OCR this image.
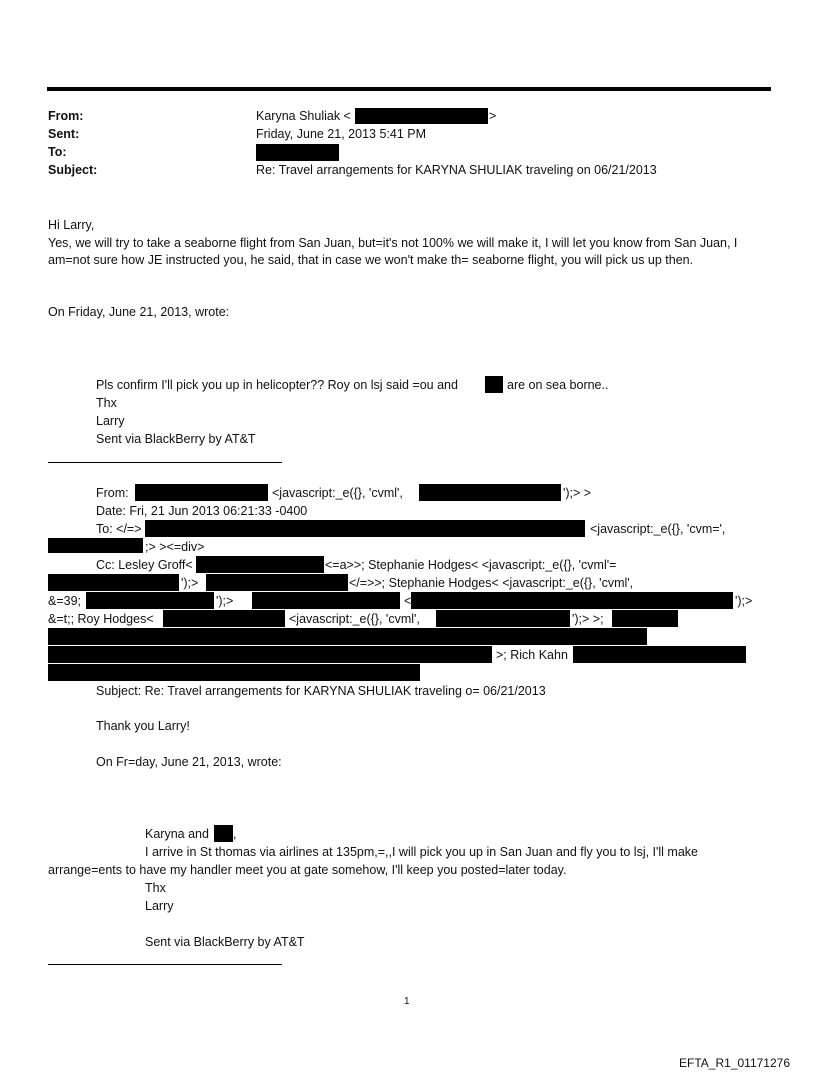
From:	Karyna Shuliak <	>
Sent:	Friday, June 21, 2013 5:41 PM
To:
Subject:	Re: Travel arrangements for KARYNA SHULIAK traveling on 06/21/2013
Hi Larry,
Yes, we will try to take a seaborne flight from San Juan, but=it's not 100% we will make it, I will let you know from San Juan, I am=not sure how JE instructed you, he said, that in case we won't make th= seaborne flight, you will pick us up then.
On Friday, June 21, 2013, wrote:
Pls confirm I'll pick you up in helicopter?? Roy on lsj said =ou and	are on sea borne..
Thx
Larry
Sent via BlackBerry by AT&T
From:	<javascript:_e({}, 'cvml',	');> >
Date: Fri, 21 Jun 2013 06:21:33 -0400
To: </=>	<javascript:_e({}, 'cvm=',
;> ><=div>
Cc: Lesley Groff<	<=a>>; Stephanie Hodges< <javascript:_e({}, 'cvml'=
');>	</=>>; Stephanie Hodges< <javascript:_e({}, 'cvml',
&=39;	');>	<	');>
&=t;; Roy Hodges<	<javascript:_e({}, 'cvml',	');> >;
>; Rich Kahn
Subject: Re: Travel arrangements for KARYNA SHULIAK traveling o= 06/21/2013
Thank you Larry!
On Fr=day, June 21, 2013, wrote:
Karyna and ,
I arrive in St thomas via airlines at 135pm,=,,I will pick you up in San Juan and fly you to lsj, I'll make
arrange=ents to have my handler meet you at gate somehow, I'll keep you posted=later today.
Thx
Larry
Sent via BlackBerry by AT&T
1
EFTA_R1_01171276
